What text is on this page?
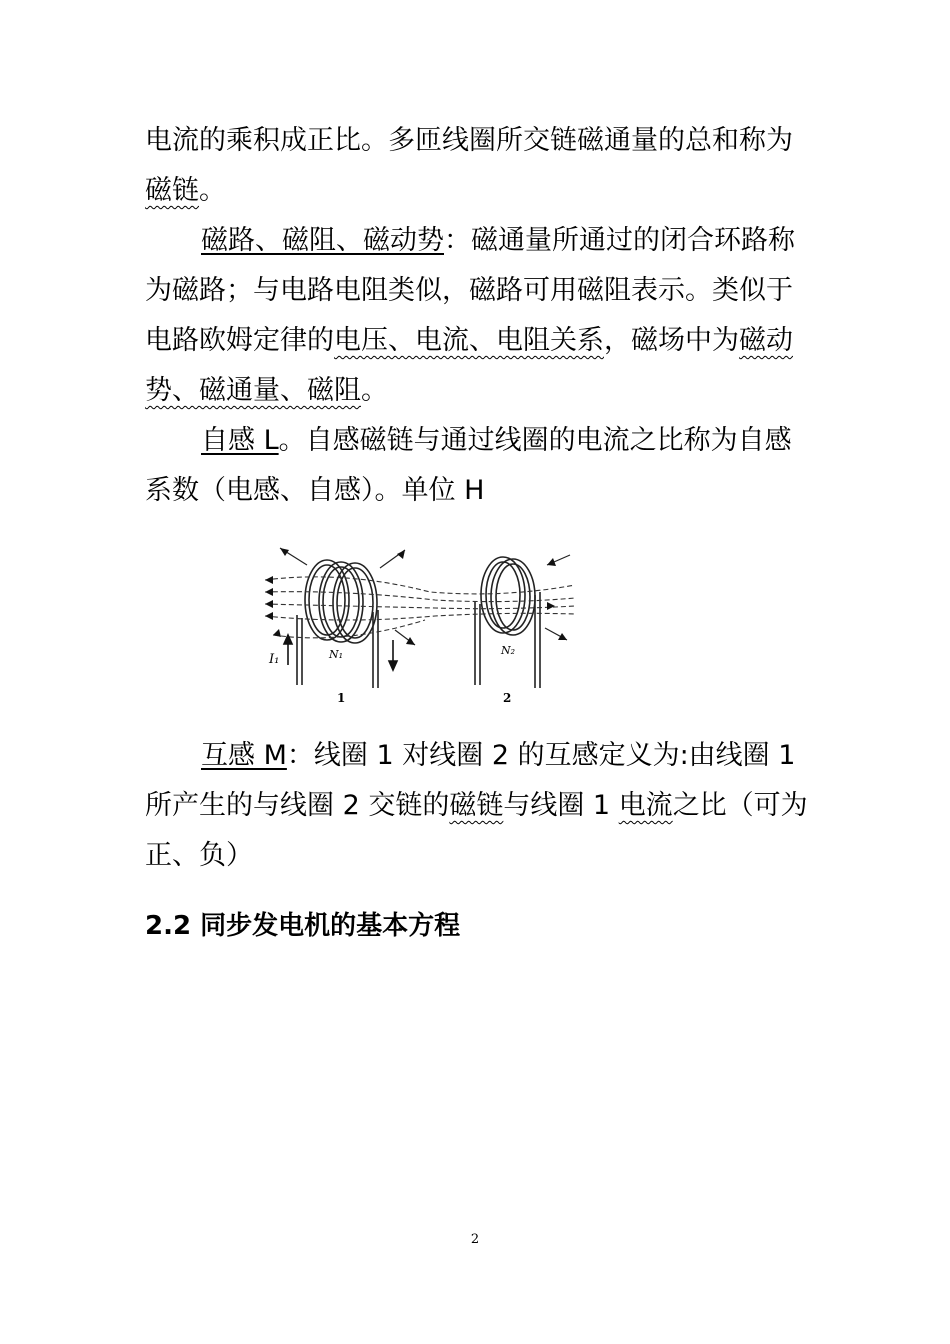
电流的乘积成正比。多匝线圈所交链磁通量的总和称为磁链。

磁路、磁阻、磁动势：磁通量所通过的闭合环路称为磁路；与电路电阻类似，磁路可用磁阻表示。类似于电路欧姆定律的电压、电流、电阻关系，磁场中为磁动势、磁通量、磁阻。

自感 L。自感磁链与通过线圈的电流之比称为自感系数（电感、自感）。单位 H

I₁	N₁	N₂
1	2

互感 M：线圈 1 对线圈 2 的互感定义为:由线圈 1 所产生的与线圈 2 交链的磁链与线圈 1 电流之比（可为正、负）

2.2 同步发电机的基本方程
2
